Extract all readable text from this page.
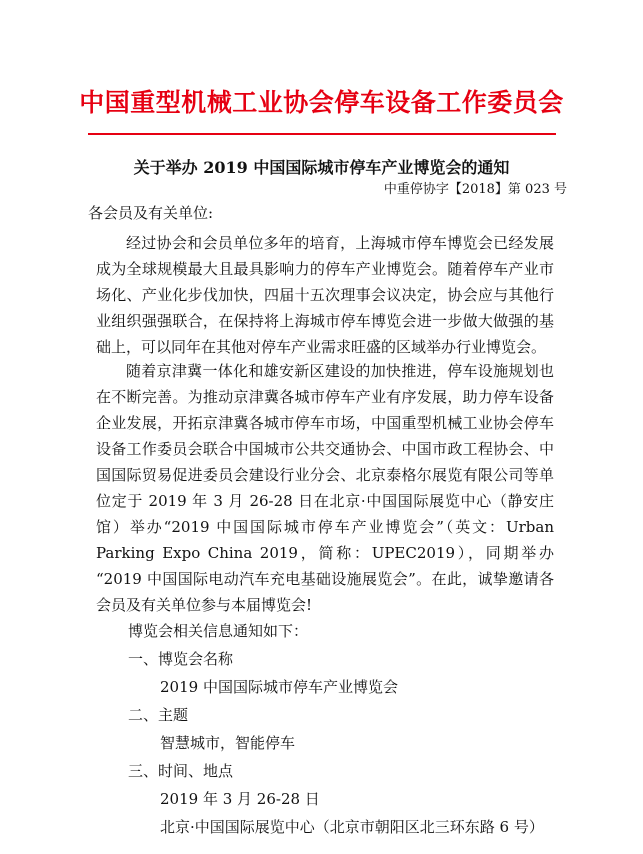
中国重型机械工业协会停车设备工作委员会
关于举办 2019 中国国际城市停车产业博览会的通知
中重停协字【2018】第 023 号
各会员及有关单位:

经过协会和会员单位多年的培育，上海城市停车博览会已经发展成为全球规模最大且最具影响力的停车产业博览会。随着停车产业市场化、产业化步伐加快，四届十五次理事会议决定，协会应与其他行业组织强强联合，在保持将上海城市停车博览会进一步做大做强的基础上，可以同年在其他对停车产业需求旺盛的区域举办行业博览会。

随着京津冀一体化和雄安新区建设的加快推进，停车设施规划也在不断完善。为推动京津冀各城市停车产业有序发展，助力停车设备企业发展，开拓京津冀各城市停车市场，中国重型机械工业协会停车设备工作委员会联合中国城市公共交通协会、中国市政工程协会、中国国际贸易促进委员会建设行业分会、北京泰格尔展览有限公司等单位定于 2019 年 3 月 26-28 日在北京·中国国际展览中心（静安庄馆）举办“2019 中国国际城市停车产业博览会”（英文：Urban Parking Expo China 2019，简称：UPEC2019），同期举办 “2019 中国国际电动汽车充电基础设施展览会”。在此，诚挚邀请各会员及有关单位参与本届博览会!

博览会相关信息通知如下：
一、博览会名称
2019 中国国际城市停车产业博览会
二、主题
智慧城市，智能停车
三、时间、地点
2019 年 3 月 26-28 日
北京·中国国际展览中心（北京市朝阳区北三环东路 6 号）
